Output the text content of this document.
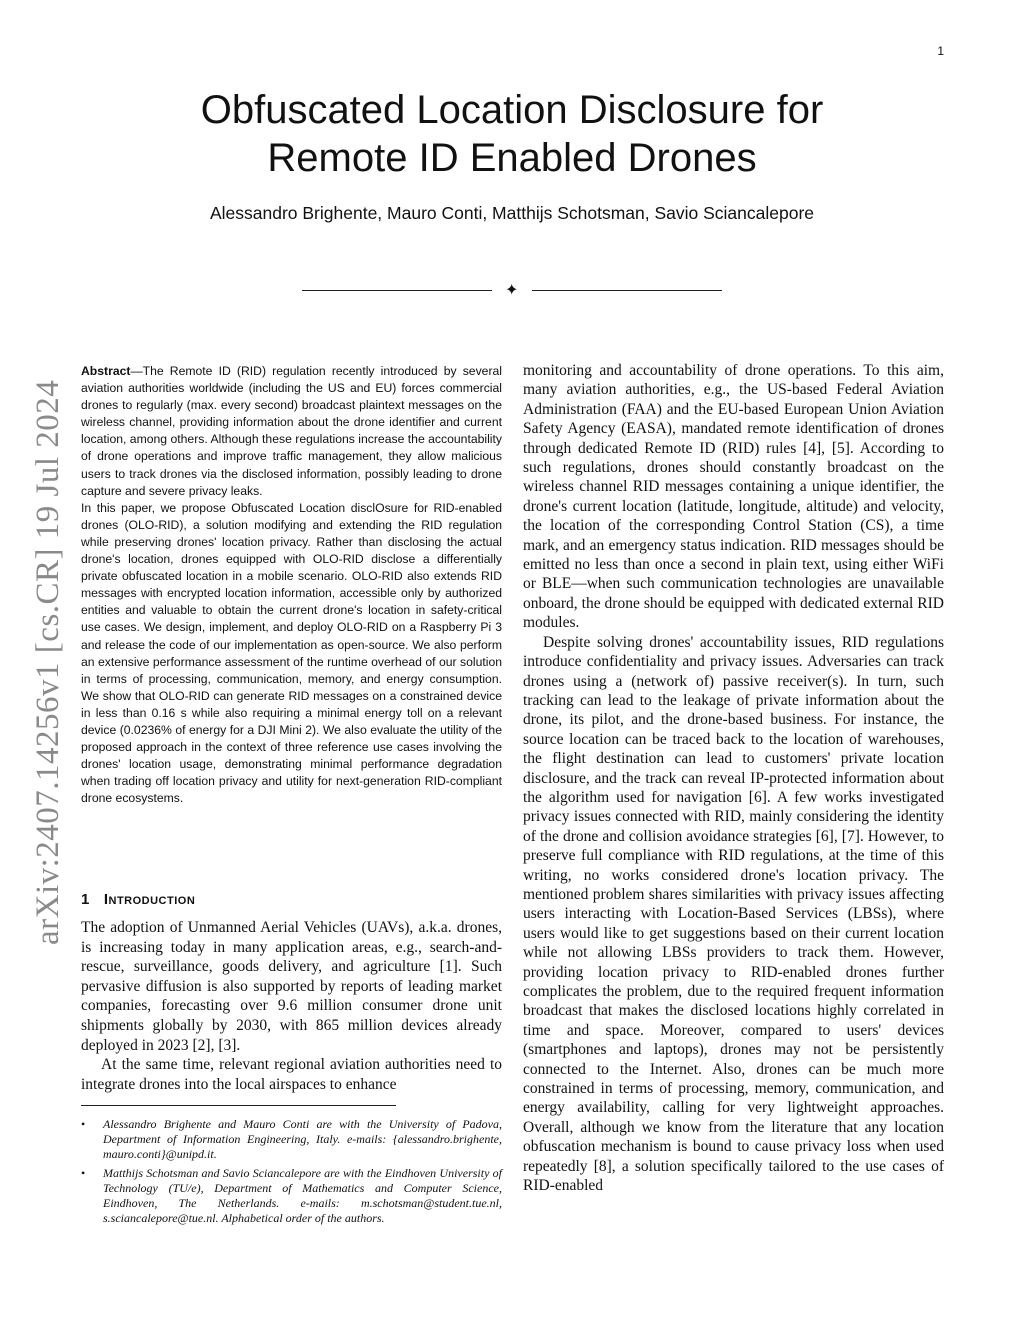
1
Obfuscated Location Disclosure for
Remote ID Enabled Drones
Alessandro Brighente, Mauro Conti, Matthijs Schotsman, Savio Sciancalepore
✦
arXiv:2407.14256v1 [cs.CR] 19 Jul 2024

Abstract—The Remote ID (RID) regulation recently introduced by several aviation authorities worldwide (including the US and EU) forces commercial drones to regularly (max. every second) broadcast plaintext messages on the wireless channel, providing information about the drone identifier and current location, among others. Although these regulations increase the accountability of drone operations and improve traffic management, they allow malicious users to track drones via the disclosed information, possibly leading to drone capture and severe privacy leaks.

In this paper, we propose Obfuscated Location disclOsure for RID-enabled drones (OLO-RID), a solution modifying and extending the RID regulation while preserving drones' location privacy. Rather than disclosing the actual drone's location, drones equipped with OLO-RID disclose a differentially private obfuscated location in a mobile scenario. OLO-RID also extends RID messages with encrypted location information, accessible only by authorized entities and valuable to obtain the current drone's location in safety-critical use cases. We design, implement, and deploy OLO-RID on a Raspberry Pi 3 and release the code of our implementation as open-source. We also perform an extensive performance assessment of the runtime overhead of our solution in terms of processing, communication, memory, and energy consumption. We show that OLO-RID can generate RID messages on a constrained device in less than 0.16 s while also requiring a minimal energy toll on a relevant device (0.0236% of energy for a DJI Mini 2). We also evaluate the utility of the proposed approach in the context of three reference use cases involving the drones' location usage, demonstrating minimal performance degradation when trading off location privacy and utility for next-generation RID-compliant drone ecosystems.

1 Introduction

The adoption of Unmanned Aerial Vehicles (UAVs), a.k.a. drones, is increasing today in many application areas, e.g., search-and-rescue, surveillance, goods delivery, and agriculture [1]. Such pervasive diffusion is also supported by reports of leading market companies, forecasting over 9.6 million consumer drone unit shipments globally by 2030, with 865 million devices already deployed in 2023 [2], [3].

At the same time, relevant regional aviation authorities need to integrate drones into the local airspaces to enhance

• Alessandro Brighente and Mauro Conti are with the University of Padova, Department of Information Engineering, Italy. e-mails: {alessandro.brighente, mauro.conti}@unipd.it.

• Matthijs Schotsman and Savio Sciancalepore are with the Eindhoven University of Technology (TU/e), Department of Mathematics and Computer Science, Eindhoven, The Netherlands. e-mails: m.schotsman@student.tue.nl, s.sciancalepore@tue.nl. Alphabetical order of the authors.

monitoring and accountability of drone operations. To this aim, many aviation authorities, e.g., the US-based Federal Aviation Administration (FAA) and the EU-based European Union Aviation Safety Agency (EASA), mandated remote identification of drones through dedicated Remote ID (RID) rules [4], [5]. According to such regulations, drones should constantly broadcast on the wireless channel RID messages containing a unique identifier, the drone's current location (latitude, longitude, altitude) and velocity, the location of the corresponding Control Station (CS), a time mark, and an emergency status indication. RID messages should be emitted no less than once a second in plain text, using either WiFi or BLE—when such communication technologies are unavailable onboard, the drone should be equipped with dedicated external RID modules.

Despite solving drones' accountability issues, RID regulations introduce confidentiality and privacy issues. Adversaries can track drones using a (network of) passive receiver(s). In turn, such tracking can lead to the leakage of private information about the drone, its pilot, and the drone-based business. For instance, the source location can be traced back to the location of warehouses, the flight destination can lead to customers' private location disclosure, and the track can reveal IP-protected information about the algorithm used for navigation [6]. A few works investigated privacy issues connected with RID, mainly considering the identity of the drone and collision avoidance strategies [6], [7]. However, to preserve full compliance with RID regulations, at the time of this writing, no works considered drone's location privacy. The mentioned problem shares similarities with privacy issues affecting users interacting with Location-Based Services (LBSs), where users would like to get suggestions based on their current location while not allowing LBSs providers to track them. However, providing location privacy to RID-enabled drones further complicates the problem, due to the required frequent information broadcast that makes the disclosed locations highly correlated in time and space. Moreover, compared to users' devices (smartphones and laptops), drones may not be persistently connected to the Internet. Also, drones can be much more constrained in terms of processing, memory, communication, and energy availability, calling for very lightweight approaches. Overall, although we know from the literature that any location obfuscation mechanism is bound to cause privacy loss when used repeatedly [8], a solution specifically tailored to the use cases of RID-enabled
